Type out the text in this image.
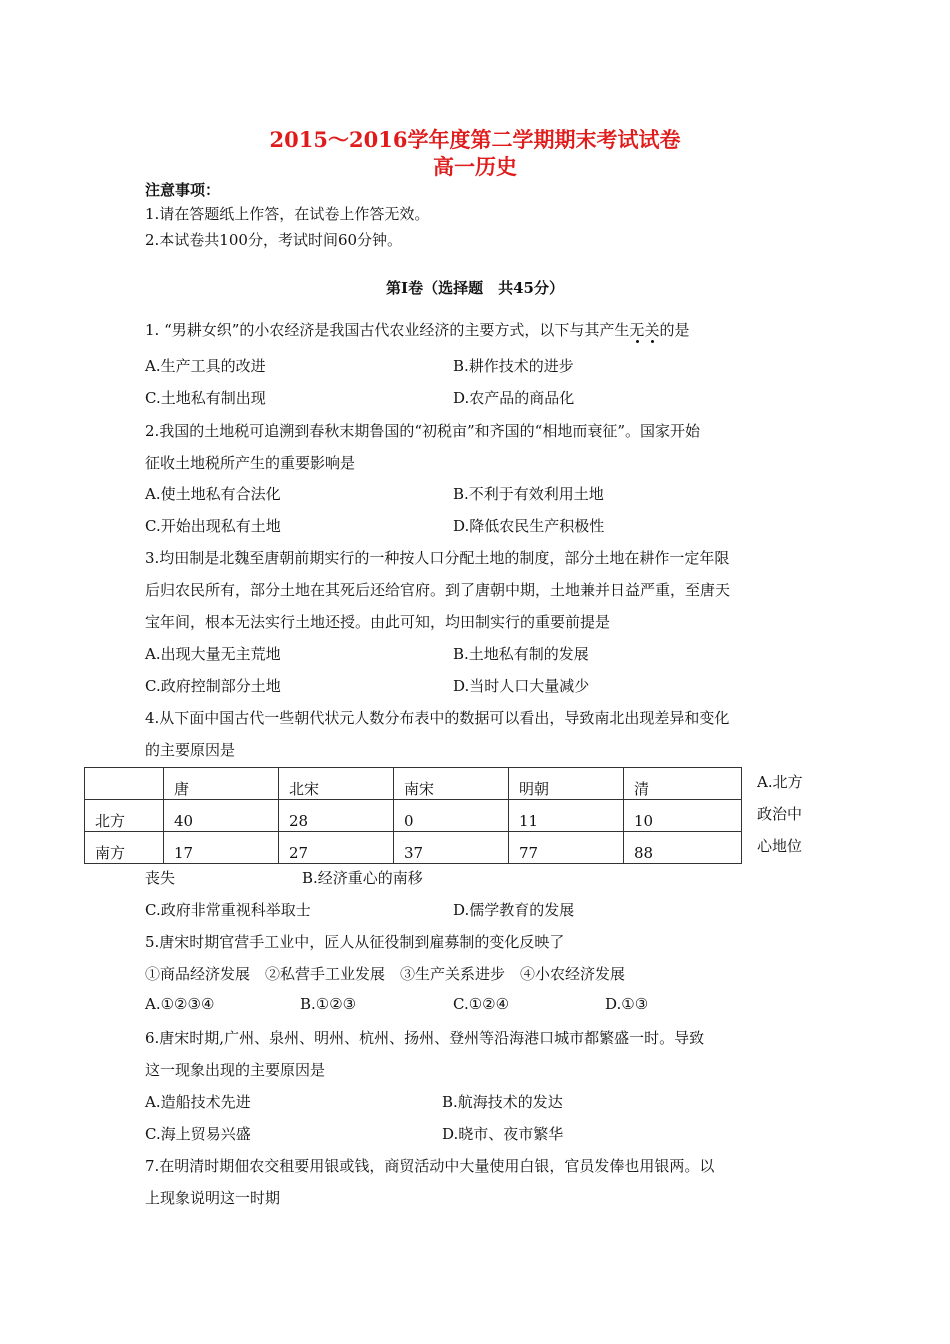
2015～2016学年度第二学期期末考试试卷
高一历史
注意事项：
1.请在答题纸上作答，在试卷上作答无效。
2.本试卷共100分，考试时间60分钟。
第Ⅰ卷（选择题　共45分）
1. “男耕女织”的小农经济是我国古代农业经济的主要方式，以下与其产生无关的是
A.生产工具的改进	B.耕作技术的进步
C.土地私有制出现	D.农产品的商品化
2.我国的土地税可追溯到春秋末期鲁国的“初税亩”和齐国的“相地而衰征”。国家开始
征收土地税所产生的重要影响是
A.使土地私有合法化	B.不利于有效利用土地
C.开始出现私有土地	D.降低农民生产积极性
3.均田制是北魏至唐朝前期实行的一种按人口分配土地的制度，部分土地在耕作一定年限
后归农民所有，部分土地在其死后还给官府。到了唐朝中期，土地兼并日益严重，至唐天
宝年间，根本无法实行土地还授。由此可知，均田制实行的重要前提是
A.出现大量无主荒地	B.土地私有制的发展
C.政府控制部分土地	D.当时人口大量减少
4.从下面中国古代一些朝代状元人数分布表中的数据可以看出，导致南北出现差异和变化
的主要原因是
	唐	北宋	南宋	明朝	清
北方	40	28	0	11	10
南方	17	27	37	77	88
A.北方
政治中
心地位
丧失	B.经济重心的南移
C.政府非常重视科举取士	D.儒学教育的发展
5.唐宋时期官营手工业中，匠人从征役制到雇募制的变化反映了
①商品经济发展　②私营手工业发展　③生产关系进步　④小农经济发展
A.①②③④	B.①②③	C.①②④	D.①③
6.唐宋时期,广州、泉州、明州、杭州、扬州、登州等沿海港口城市都繁盛一时。导致
这一现象出现的主要原因是
A.造船技术先进	B.航海技术的发达
C.海上贸易兴盛	D.晓市、夜市繁华
7.在明清时期佃农交租要用银或钱，商贸活动中大量使用白银，官员发俸也用银两。以
上现象说明这一时期
